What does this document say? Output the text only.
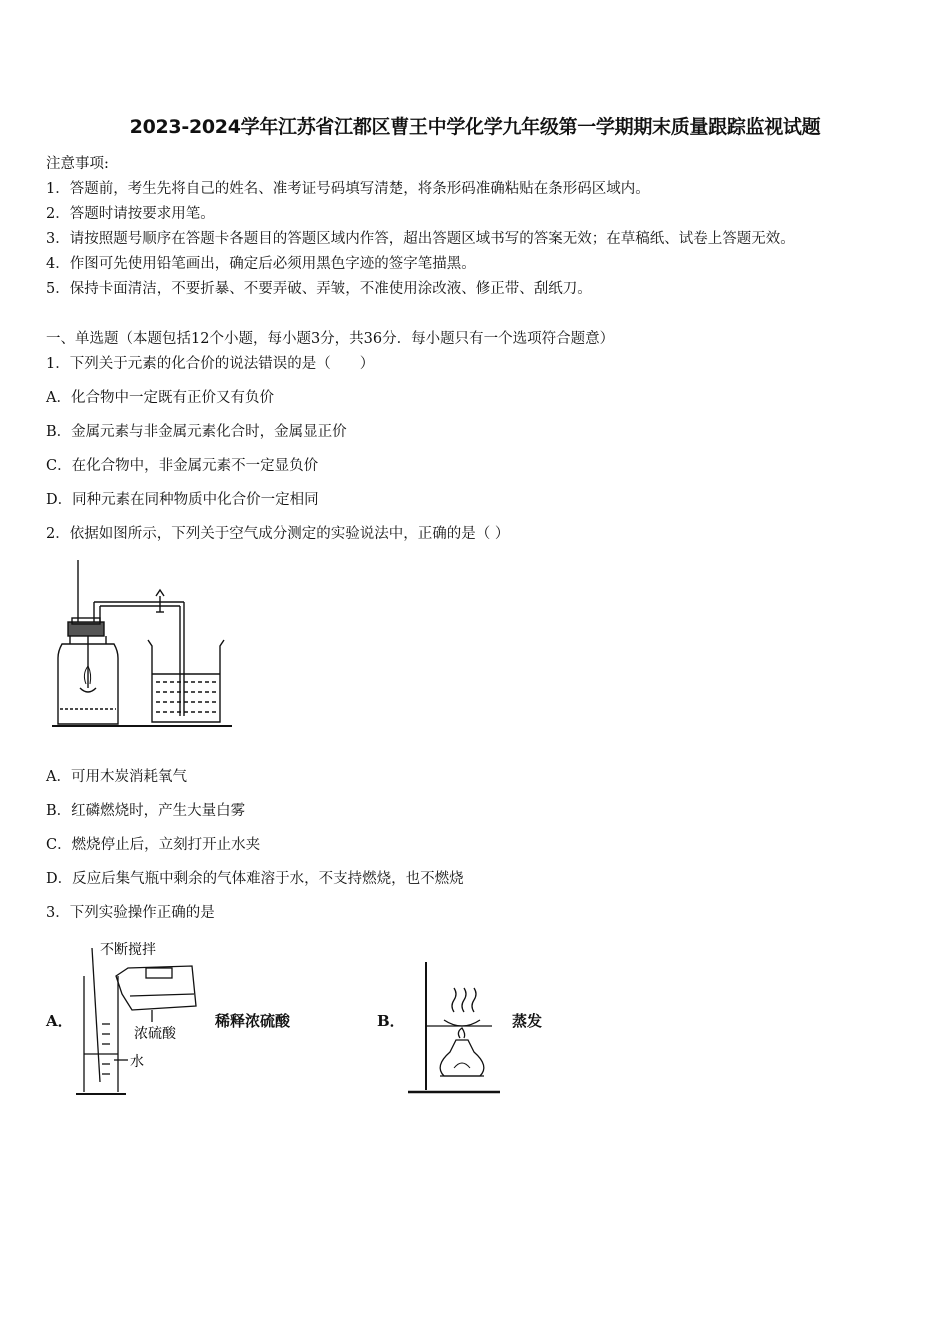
2023-2024学年江苏省江都区曹王中学化学九年级第一学期期末质量跟踪监视试题
注意事项:
1．答题前，考生先将自己的姓名、准考证号码填写清楚，将条形码准确粘贴在条形码区域内。
2．答题时请按要求用笔。
3．请按照题号顺序在答题卡各题目的答题区域内作答，超出答题区域书写的答案无效；在草稿纸、试卷上答题无效。
4．作图可先使用铅笔画出，确定后必须用黑色字迹的签字笔描黑。
5．保持卡面清洁，不要折暴、不要弄破、弄皱，不准使用涂改液、修正带、刮纸刀。
一、单选题（本题包括12个小题，每小题3分，共36分．每小题只有一个选项符合题意）
1．下列关于元素的化合价的说法错误的是（　　）
A．化合物中一定既有正价又有负价
B．金属元素与非金属元素化合时，金属显正价
C．在化合物中，非金属元素不一定显负价
D．同种元素在同种物质中化合价一定相同
2．依据如图所示，下列关于空气成分测定的实验说法中，正确的是（ ）
A．可用木炭消耗氧气
B．红磷燃烧时，产生大量白雾
C．燃烧停止后，立刻打开止水夹
D．反应后集气瓶中剩余的气体难溶于水，不支持燃烧，也不燃烧
3．下列实验操作正确的是
A．
不断搅拌
浓硫酸
水
稀释浓硫酸	B．	蒸发
